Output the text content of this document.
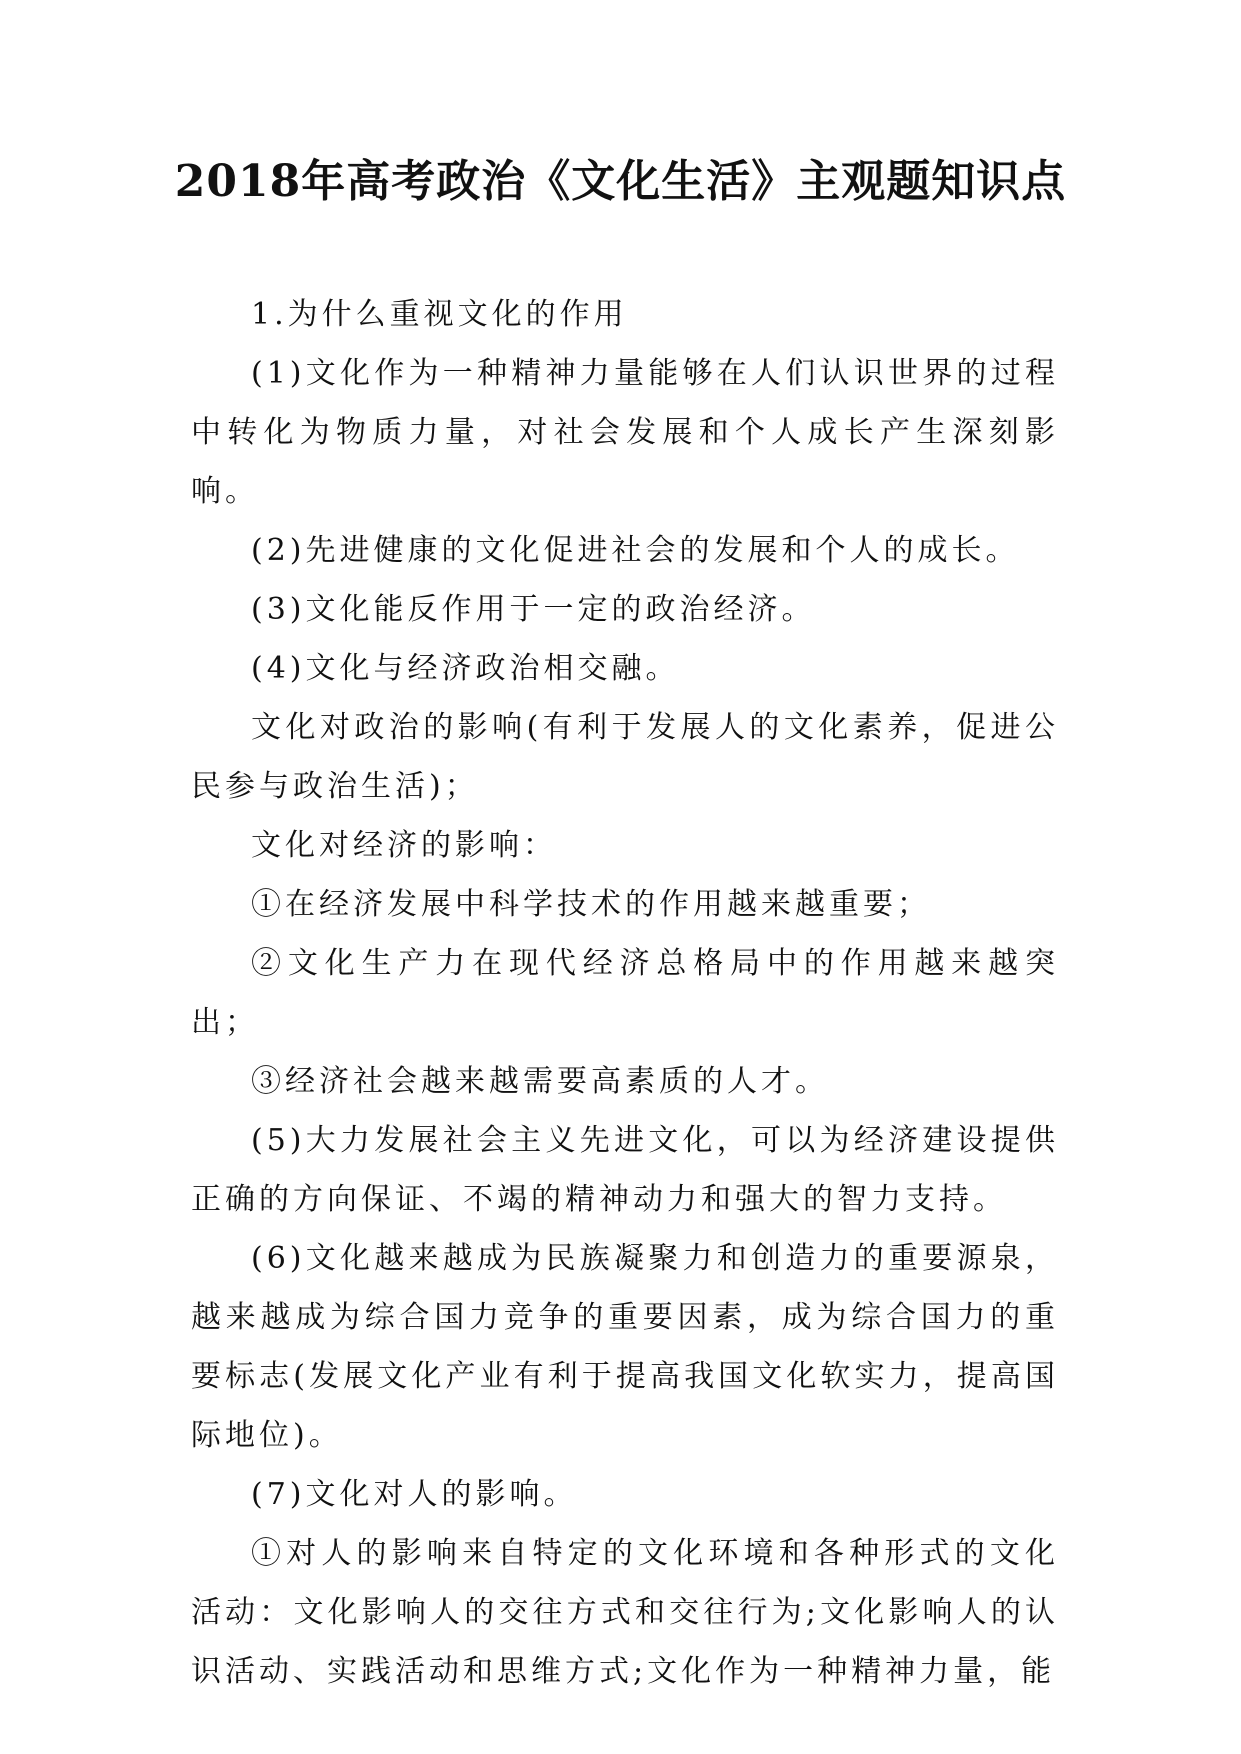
2018年高考政治《文化生活》主观题知识点

1.为什么重视文化的作用

(1)文化作为一种精神力量能够在人们认识世界的过程中转化为物质力量，对社会发展和个人成长产生深刻影响。

(2)先进健康的文化促进社会的发展和个人的成长。

(3)文化能反作用于一定的政治经济。

(4)文化与经济政治相交融。

文化对政治的影响(有利于发展人的文化素养，促进公民参与政治生活)；

文化对经济的影响：

①在经济发展中科学技术的作用越来越重要；

②文化生产力在现代经济总格局中的作用越来越突出；

③经济社会越来越需要高素质的人才。

(5)大力发展社会主义先进文化，可以为经济建设提供正确的方向保证、不竭的精神动力和强大的智力支持。

(6)文化越来越成为民族凝聚力和创造力的重要源泉，越来越成为综合国力竞争的重要因素，成为综合国力的重要标志(发展文化产业有利于提高我国文化软实力，提高国际地位)。

(7)文化对人的影响。

①对人的影响来自特定的文化环境和各种形式的文化活动：文化影响人的交往方式和交往行为;文化影响人的认识活动、实践活动和思维方式;文化作为一种精神力量，能
